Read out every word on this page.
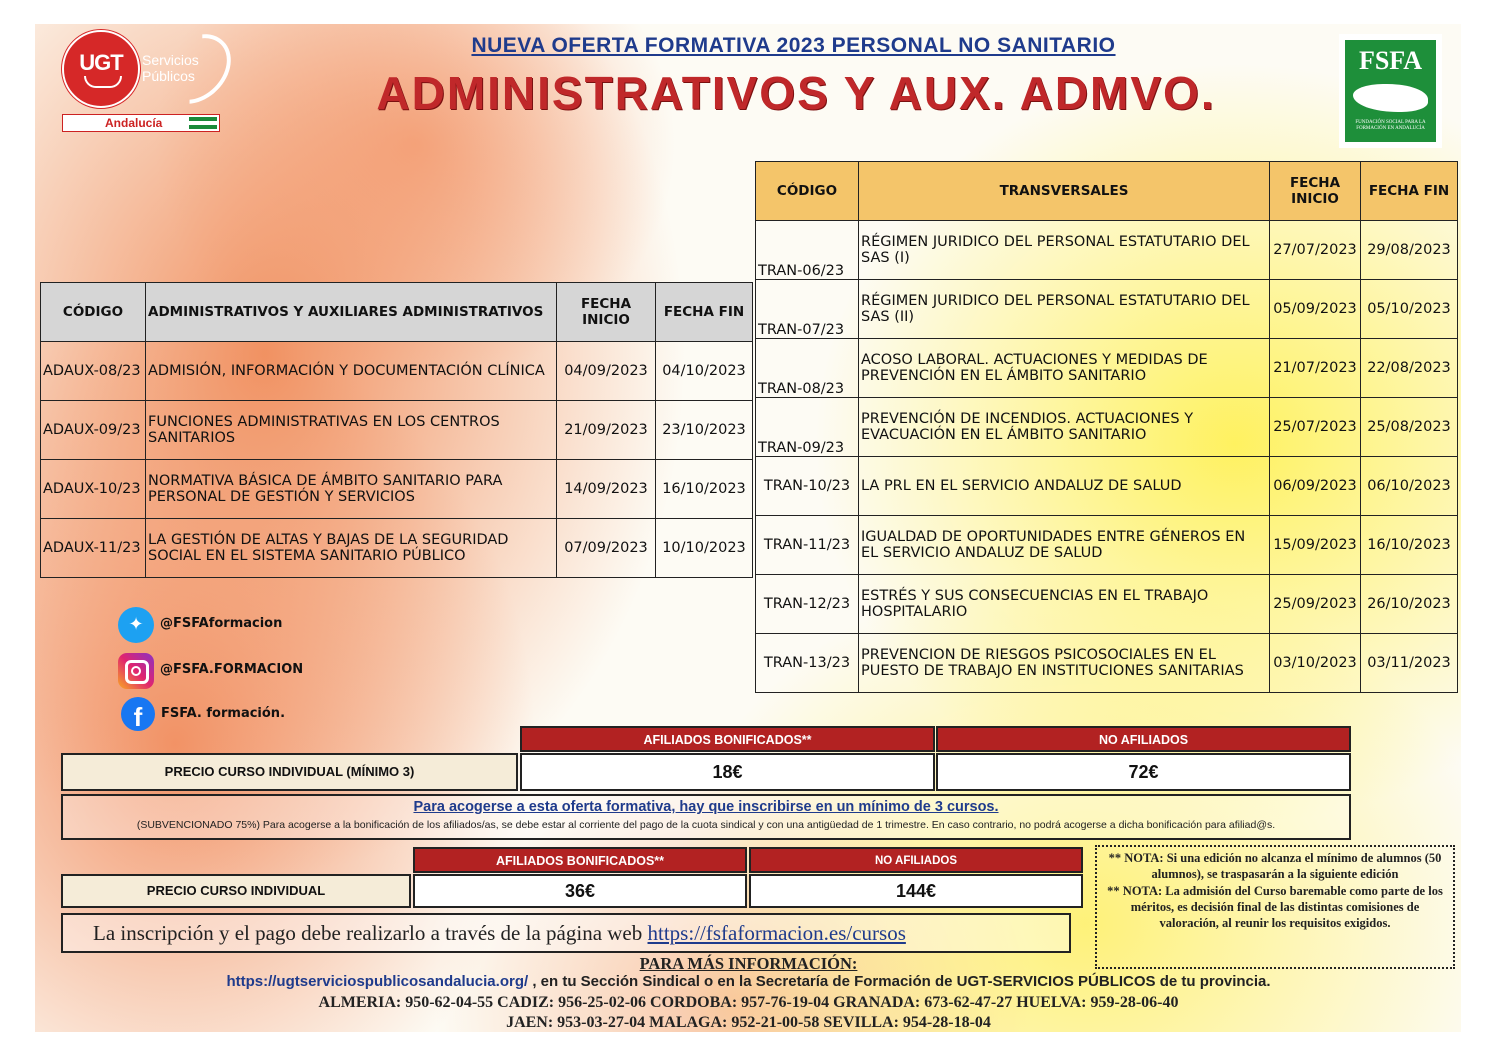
UGT	Servicios Públicos
Andalucía
FSFA
FUNDACIÓN SOCIAL PARA LA FORMACIÓN EN ANDALUCÍA
NUEVA OFERTA FORMATIVA 2023 PERSONAL NO SANITARIO
ADMINISTRATIVOS Y AUX. ADMVO.
CÓDIGO	ADMINISTRATIVOS Y AUXILIARES ADMINISTRATIVOS	FECHA INICIO	FECHA FIN
ADAUX-08/23	ADMISIÓN, INFORMACIÓN Y DOCUMENTACIÓN CLÍNICA	04/09/2023	04/10/2023
ADAUX-09/23	FUNCIONES ADMINISTRATIVAS EN LOS CENTROS SANITARIOS	21/09/2023	23/10/2023
ADAUX-10/23	NORMATIVA BÁSICA DE ÁMBITO SANITARIO PARA PERSONAL DE GESTIÓN Y SERVICIOS	14/09/2023	16/10/2023
ADAUX-11/23	LA GESTIÓN DE ALTAS Y BAJAS DE LA SEGURIDAD SOCIAL EN EL SISTEMA SANITARIO PÚBLICO	07/09/2023	10/10/2023
CÓDIGO	TRANSVERSALES	FECHA INICIO	FECHA FIN
TRAN-06/23	RÉGIMEN JURIDICO DEL PERSONAL ESTATUTARIO DEL SAS (I)	27/07/2023	29/08/2023
TRAN-07/23	RÉGIMEN JURIDICO DEL PERSONAL ESTATUTARIO DEL SAS (II)	05/09/2023	05/10/2023
TRAN-08/23	ACOSO LABORAL. ACTUACIONES Y MEDIDAS DE PREVENCIÓN EN EL ÁMBITO SANITARIO	21/07/2023	22/08/2023
TRAN-09/23	PREVENCIÓN DE INCENDIOS. ACTUACIONES Y EVACUACIÓN EN EL ÁMBITO SANITARIO	25/07/2023	25/08/2023
TRAN-10/23	LA PRL EN EL SERVICIO ANDALUZ DE SALUD	06/09/2023	06/10/2023
TRAN-11/23	IGUALDAD DE OPORTUNIDADES ENTRE GÉNEROS EN EL SERVICIO ANDALUZ DE SALUD	15/09/2023	16/10/2023
TRAN-12/23	ESTRÉS Y SUS CONSECUENCIAS EN EL TRABAJO HOSPITALARIO	25/09/2023	26/10/2023
TRAN-13/23	PREVENCION DE RIESGOS PSICOSOCIALES EN EL PUESTO DE TRABAJO EN INSTITUCIONES SANITARIAS	03/10/2023	03/11/2023
✦	@FSFAformacion
@FSFA.FORMACION
f	FSFA. formación.
AFILIADOS BONIFICADOS**	NO AFILIADOS
PRECIO CURSO INDIVIDUAL (MÍNIMO 3)	18€	72€
Para acogerse a esta oferta formativa, hay que inscribirse en un mínimo de 3 cursos.
(SUBVENCIONADO 75%) Para acogerse a la bonificación de los afiliados/as, se debe estar al corriente del pago de la cuota sindical y con una antigüedad de 1 trimestre. En caso contrario, no podrá acogerse a dicha bonificación para afiliad@s.
AFILIADOS BONIFICADOS**	NO AFILIADOS
PRECIO CURSO INDIVIDUAL	36€	144€
La inscripción y el pago debe realizarlo a través de la página web https://fsfaformacion.es/cursos
** NOTA: Si una edición no alcanza el mínimo de alumnos (50 alumnos), se traspasarán a la siguiente edición
** NOTA: La admisión del Curso baremable como parte de los méritos, es decisión final de las distintas comisiones de valoración, al reunir los requisitos exigidos.
PARA MÁS INFORMACIÓN:
https://ugtserviciospublicosandalucia.org/ , en tu Sección Sindical o en la Secretaría de Formación de UGT-SERVICIOS PÚBLICOS de tu provincia.
ALMERIA: 950-62-04-55 CADIZ: 956-25-02-06 CORDOBA: 957-76-19-04 GRANADA: 673-62-47-27 HUELVA: 959-28-06-40
JAEN: 953-03-27-04 MALAGA: 952-21-00-58 SEVILLA: 954-28-18-04
